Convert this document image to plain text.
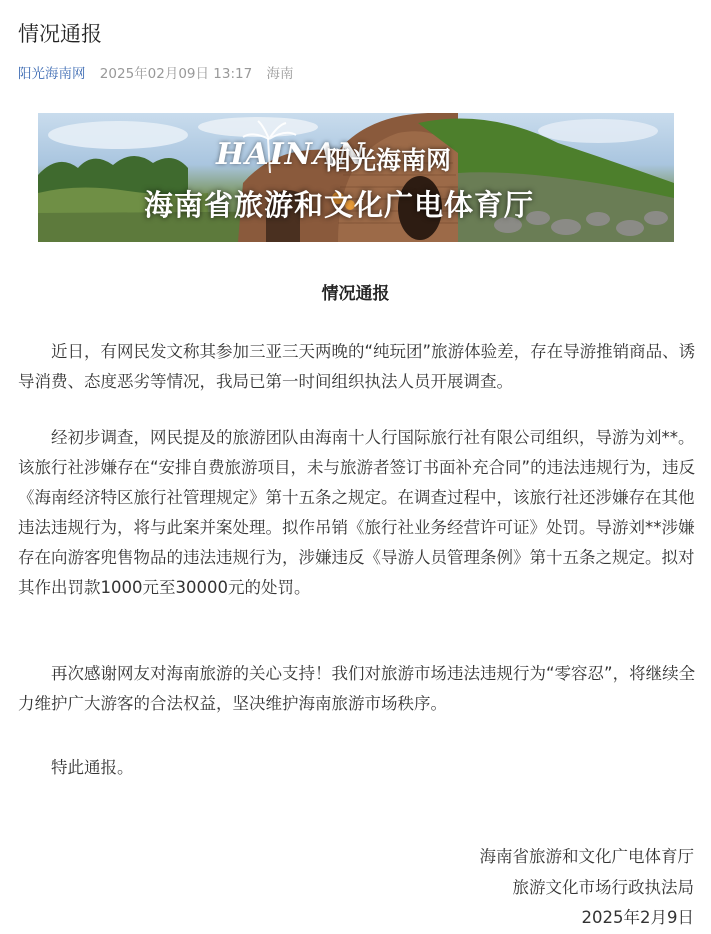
情况通报
阳光海南网 2025年02月09日 13:17 海南
HAINAN
阳光海南网
海南省旅游和文化广电体育厅
情况通报

近日，有网民发文称其参加三亚三天两晚的“纯玩团”旅游体验差，存在导游推销商品、诱导消费、态度恶劣等情况，我局已第一时间组织执法人员开展调查。

经初步调查，网民提及的旅游团队由海南十人行国际旅行社有限公司组织，导游为刘**。该旅行社涉嫌存在“安排自费旅游项目，未与旅游者签订书面补充合同”的违法违规行为，违反《海南经济特区旅行社管理规定》第十五条之规定。在调查过程中，该旅行社还涉嫌存在其他违法违规行为，将与此案并案处理。拟作吊销《旅行社业务经营许可证》处罚。导游刘**涉嫌存在向游客兜售物品的违法违规行为，涉嫌违反《导游人员管理条例》第十五条之规定。拟对其作出罚款1000元至30000元的处罚。

再次感谢网友对海南旅游的关心支持！我们对旅游市场违法违规行为“零容忍”，将继续全力维护广大游客的合法权益，坚决维护海南旅游市场秩序。

特此通报。

海南省旅游和文化广电体育厅
旅游文化市场行政执法局
2025年2月9日
